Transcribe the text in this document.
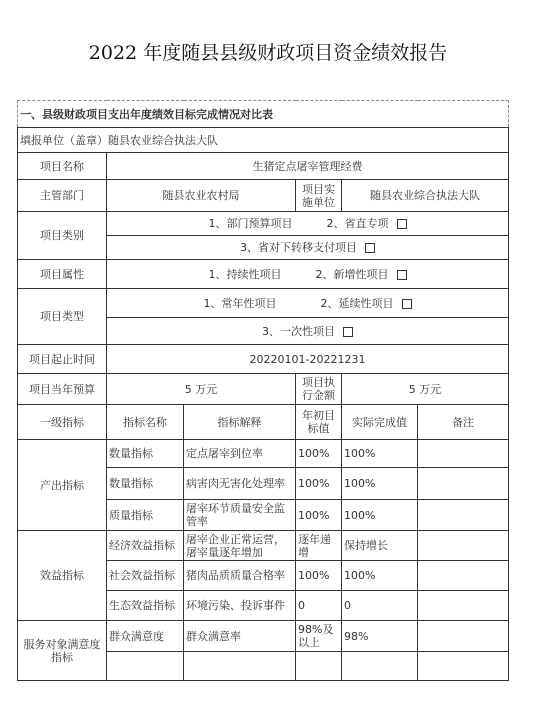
2022 年度随县县级财政项目资金绩效报告
一、县级财政项目支出年度绩效目标完成情况对比表					
填报单位（盖章）随县农业综合执法大队					
项目名称	生猪定点屠宰管理经费				
主管部门	随县农业农村局		项目实施单位	随县农业综合执法大队	
项目类别	1、部门预算项目 2、省直专项				
	3、省对下转移支付项目				
项目属性	1、持续性项目 2、新增性项目				
项目类型	1、常年性项目 2、延续性项目				
	3、一次性项目				
项目起止时间	20220101-20221231				
项目当年预算	5 万元		项目执行金额	5 万元	
一级指标	指标名称	指标解释	年初目标值	实际完成值	备注
产出指标	数量指标	定点屠宰到位率	100%	100%	
	数量指标	病害肉无害化处理率	100%	100%	
	质量指标	屠宰环节质量安全监管率	100%	100%	
效益指标	经济效益指标	屠宰企业正常运营，屠宰量逐年增加	逐年递增	保持增长	
	社会效益指标	猪肉品质质量合格率	100%	100%	
	生态效益指标	环境污染、投诉事件	0	0	
服务对象满意度指标	群众满意度	群众满意率	98%及以上	98%	
